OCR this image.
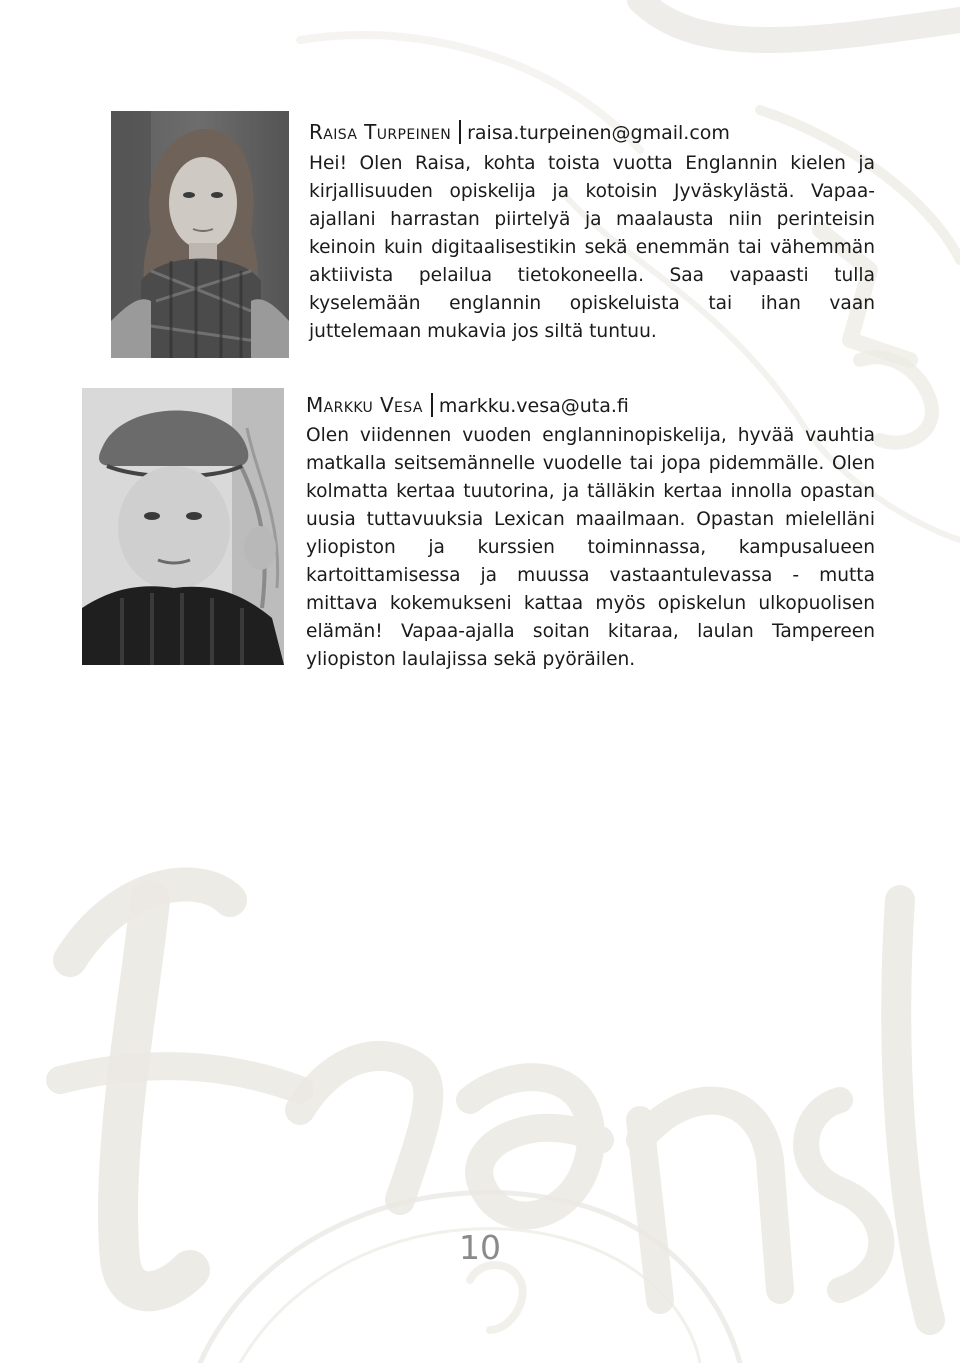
Raisa Turpeinen raisa.turpeinen@gmail.com

Hei! Olen Raisa, kohta toista vuotta Englannin kielen ja kirjallisuuden opiskelija ja kotoisin Jyväskylästä. Vapaa-ajallani harrastan piirtelyä ja maalausta niin perinteisin keinoin kuin digitaalisestikin sekä enemmän tai vähemmän aktiivista pelailua tietokoneella. Saa vapaasti tulla kyselemään englannin opiskeluista tai ihan vaan juttelemaan mukavia jos siltä tuntuu.

Markku Vesa markku.vesa@uta.fi

Olen viidennen vuoden englanninopiskelija, hyvää vauhtia matkalla seitsemännelle vuodelle tai jopa pidemmälle. Olen kolmatta kertaa tuutorina, ja tälläkin kertaa innolla opastan uusia tuttavuuksia Lexican maailmaan. Opastan mielelläni yliopiston ja kurssien toiminnassa, kampusalueen kartoittamisessa ja muussa vastaantulevassa - mutta mittava kokemukseni kattaa myös opiskelun ulkopuolisen elämän! Vapaa-ajalla soitan kitaraa, laulan Tampereen yliopiston laulajissa sekä pyöräilen.

10
